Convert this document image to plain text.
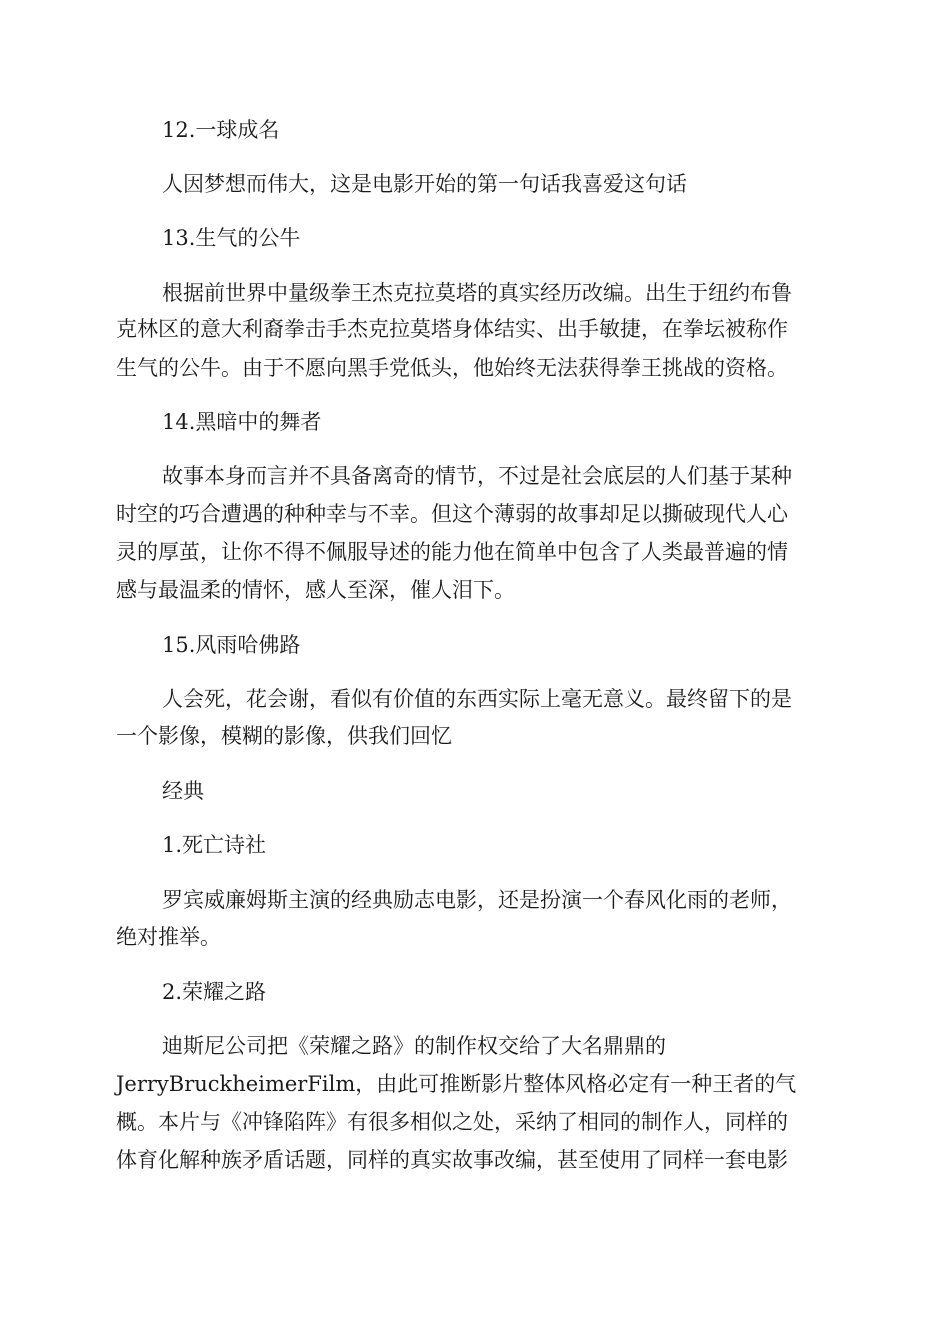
12.一球成名
人因梦想而伟大，这是电影开始的第一句话我喜爱这句话
13.生气的公牛
根据前世界中量级拳王杰克拉莫塔的真实经历改编。出生于纽约布鲁
克林区的意大利裔拳击手杰克拉莫塔身体结实、出手敏捷，在拳坛被称作
生气的公牛。由于不愿向黑手党低头，他始终无法获得拳王挑战的资格。
14.黑暗中的舞者
故事本身而言并不具备离奇的情节，不过是社会底层的人们基于某种
时空的巧合遭遇的种种幸与不幸。但这个薄弱的故事却足以撕破现代人心
灵的厚茧，让你不得不佩服导述的能力他在简单中包含了人类最普遍的情
感与最温柔的情怀，感人至深，催人泪下。
15.风雨哈佛路
人会死，花会谢，看似有价值的东西实际上毫无意义。最终留下的是
一个影像，模糊的影像，供我们回忆
经典
1.死亡诗社
罗宾威廉姆斯主演的经典励志电影，还是扮演一个春风化雨的老师，
绝对推举。
2.荣耀之路
迪斯尼公司把《荣耀之路》的制作权交给了大名鼎鼎的
JerryBruckheimerFilm，由此可推断影片整体风格必定有一种王者的气
概。本片与《冲锋陷阵》有很多相似之处，采纳了相同的制作人，同样的
体育化解种族矛盾话题，同样的真实故事改编，甚至使用了同样一套电影
